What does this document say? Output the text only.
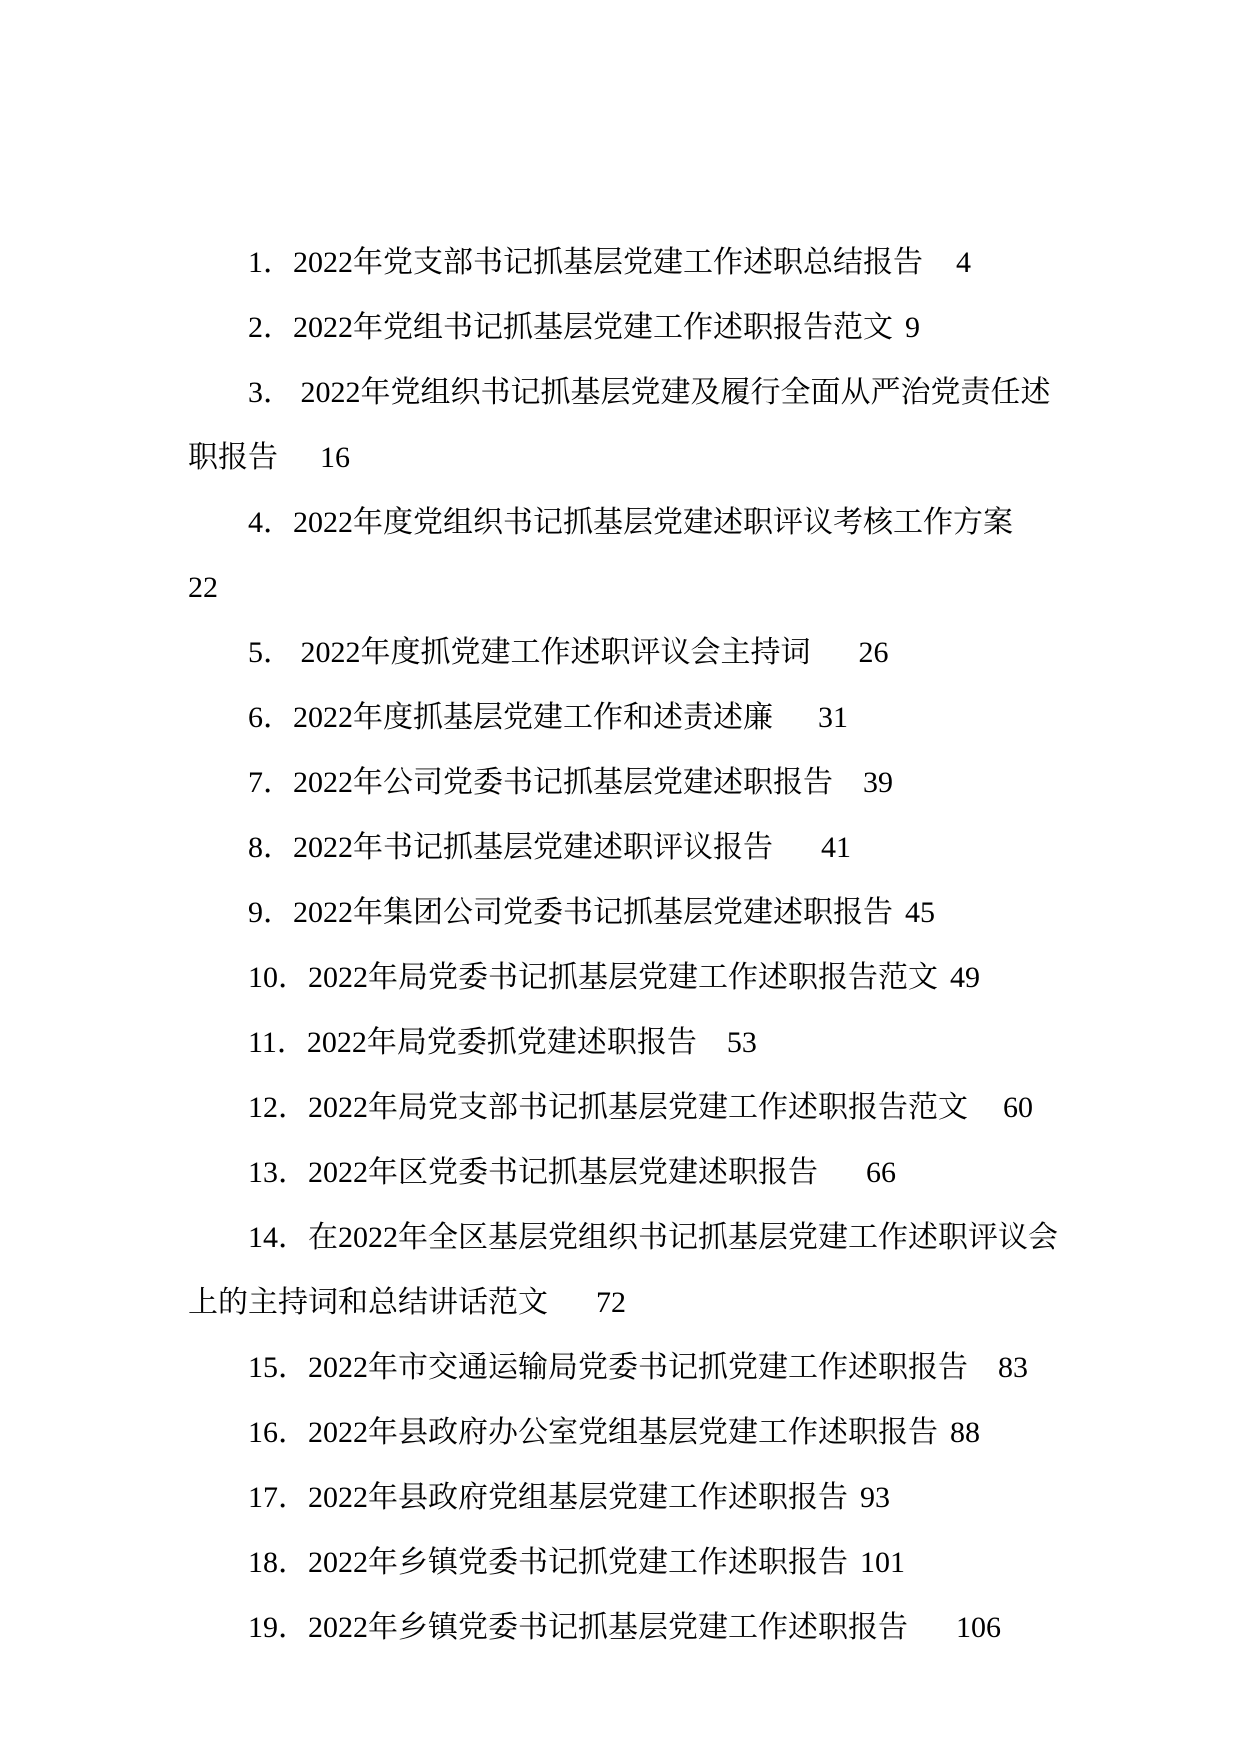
1．2022年党支部书记抓基层党建工作述职总结报告 4

2．2022年党组书记抓基层党建工作述职报告范文 9

3． 2022年党组织书记抓基层党建及履行全面从严治党责任述职报告 16

4．2022年度党组织书记抓基层党建述职评议考核工作方案22

5． 2022年度抓党建工作述职评议会主持词 26

6．2022年度抓基层党建工作和述责述廉 31

7．2022年公司党委书记抓基层党建述职报告 39

8．2022年书记抓基层党建述职评议报告 41

9．2022年集团公司党委书记抓基层党建述职报告 45

10．2022年局党委书记抓基层党建工作述职报告范文 49

11．2022年局党委抓党建述职报告 53

12．2022年局党支部书记抓基层党建工作述职报告范文 60

13．2022年区党委书记抓基层党建述职报告 66

14．在2022年全区基层党组织书记抓基层党建工作述职评议会上的主持词和总结讲话范文 72

15．2022年市交通运输局党委书记抓党建工作述职报告 83

16．2022年县政府办公室党组基层党建工作述职报告 88

17．2022年县政府党组基层党建工作述职报告 93

18．2022年乡镇党委书记抓党建工作述职报告 101

19．2022年乡镇党委书记抓基层党建工作述职报告 106
